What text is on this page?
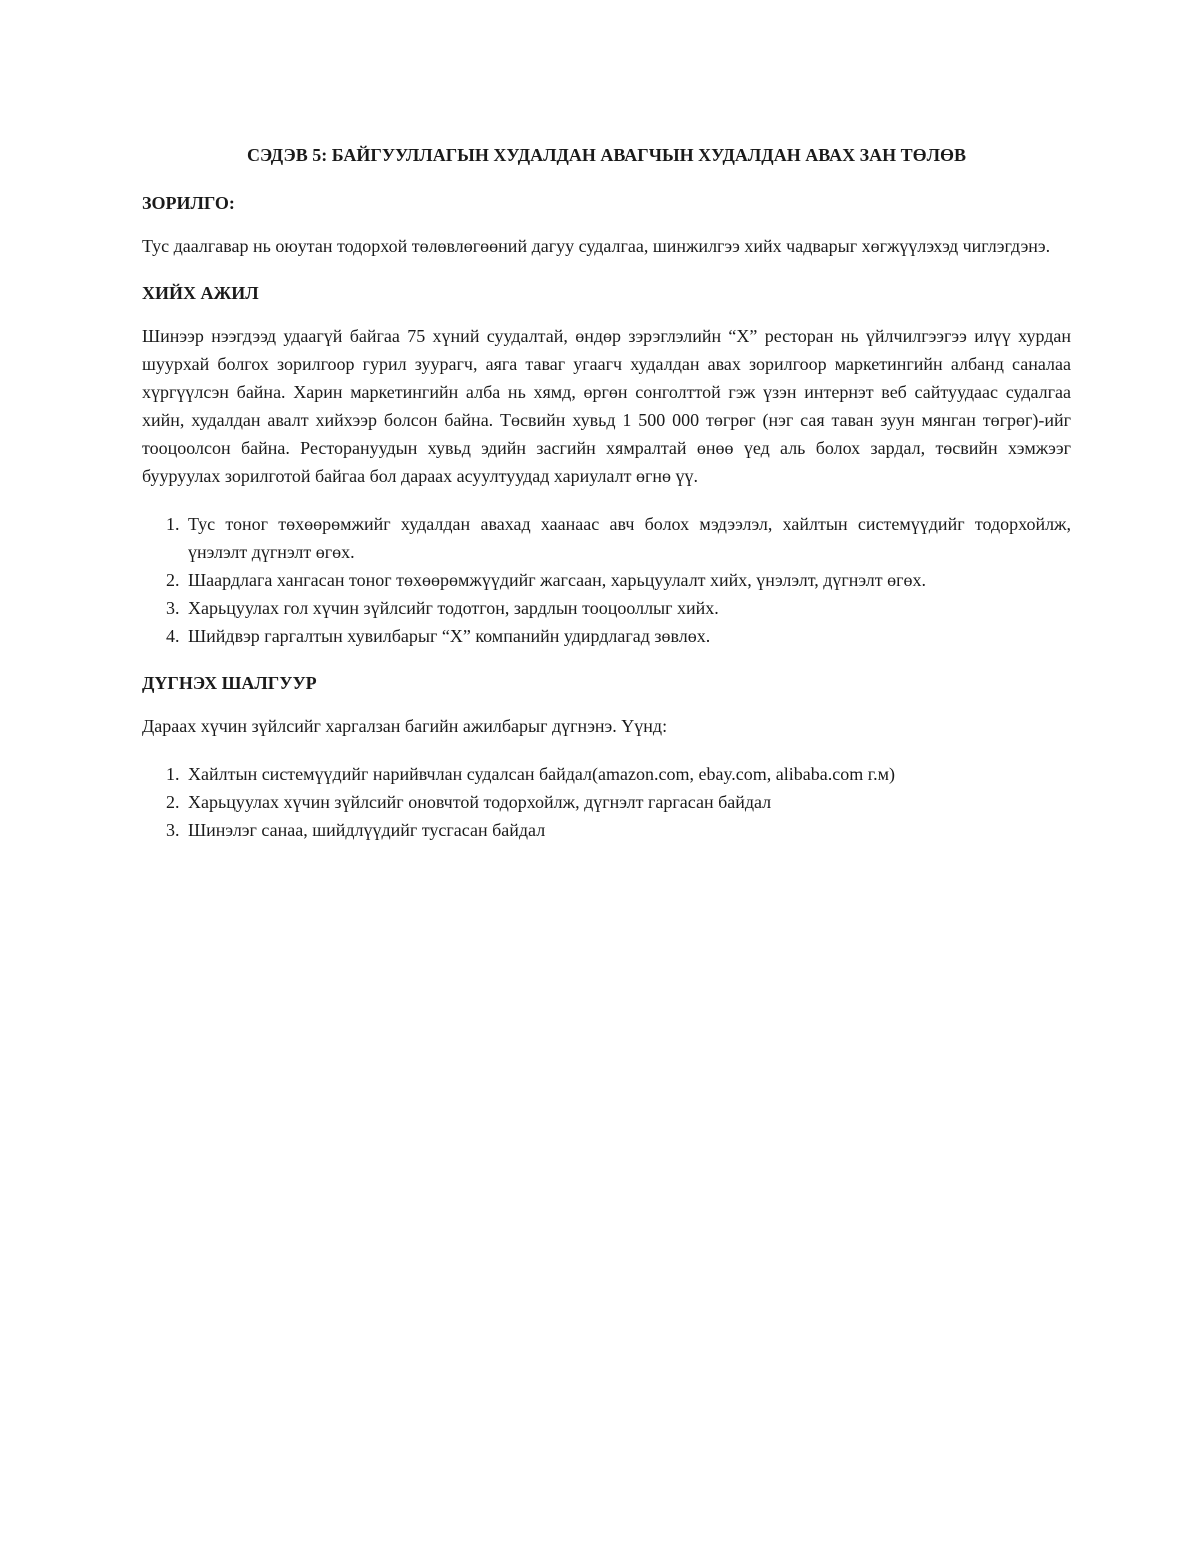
СЭДЭВ 5: БАЙГУУЛЛАГЫН ХУДАЛДАН АВАГЧЫН ХУДАЛДАН АВАХ ЗАН ТӨЛӨВ
ЗОРИЛГО:

Тус даалгавар нь оюутан тодорхой төлөвлөгөөний дагуу судалгаа, шинжилгээ хийх чадварыг хөгжүүлэхэд чиглэгдэнэ.

ХИЙХ АЖИЛ

Шинээр нээгдээд удаагүй байгаа 75 хүний суудалтай, өндөр зэрэглэлийн “Х” ресторан нь үйлчилгээгээ илүү хурдан шуурхай болгох зорилгоор гурил зуурагч, аяга таваг угаагч худалдан авах зорилгоор маркетингийн албанд саналаа хүргүүлсэн байна. Харин маркетингийн алба нь хямд, өргөн сонголттой гэж үзэн интернэт веб сайтуудаас судалгаа хийн, худалдан авалт хийхээр болсон байна. Төсвийн хувьд 1 500 000 төгрөг (нэг сая таван зуун мянган төгрөг)-ийг тооцоолсон байна. Ресторануудын хувьд эдийн засгийн хямралтай өнөө үед аль болох зардал, төсвийн хэмжээг бууруулах зорилготой байгаа бол дараах асуултуудад хариулалт өгнө үү.

1. Тус тоног төхөөрөмжийг худалдан авахад хаанаас авч болох мэдээлэл, хайлтын системүүдийг тодорхойлж, үнэлэлт дүгнэлт өгөх.
2. Шаардлага хангасан тоног төхөөрөмжүүдийг жагсаан, харьцуулалт хийх, үнэлэлт, дүгнэлт өгөх.
3. Харьцуулах гол хүчин зүйлсийг тодотгон, зардлын тооцооллыг хийх.
4. Шийдвэр гаргалтын хувилбарыг “Х” компанийн удирдлагад зөвлөх.
ДҮГНЭХ ШАЛГУУР

Дараах хүчин зүйлсийг харгалзан багийн ажилбарыг дүгнэнэ. Үүнд:

1. Хайлтын системүүдийг нарийвчлан судалсан байдал(amazon.com, ebay.com, alibaba.com г.м)
2. Харьцуулах хүчин зүйлсийг оновчтой тодорхойлж, дүгнэлт гаргасан байдал
3. Шинэлэг санаа, шийдлүүдийг тусгасан байдал
